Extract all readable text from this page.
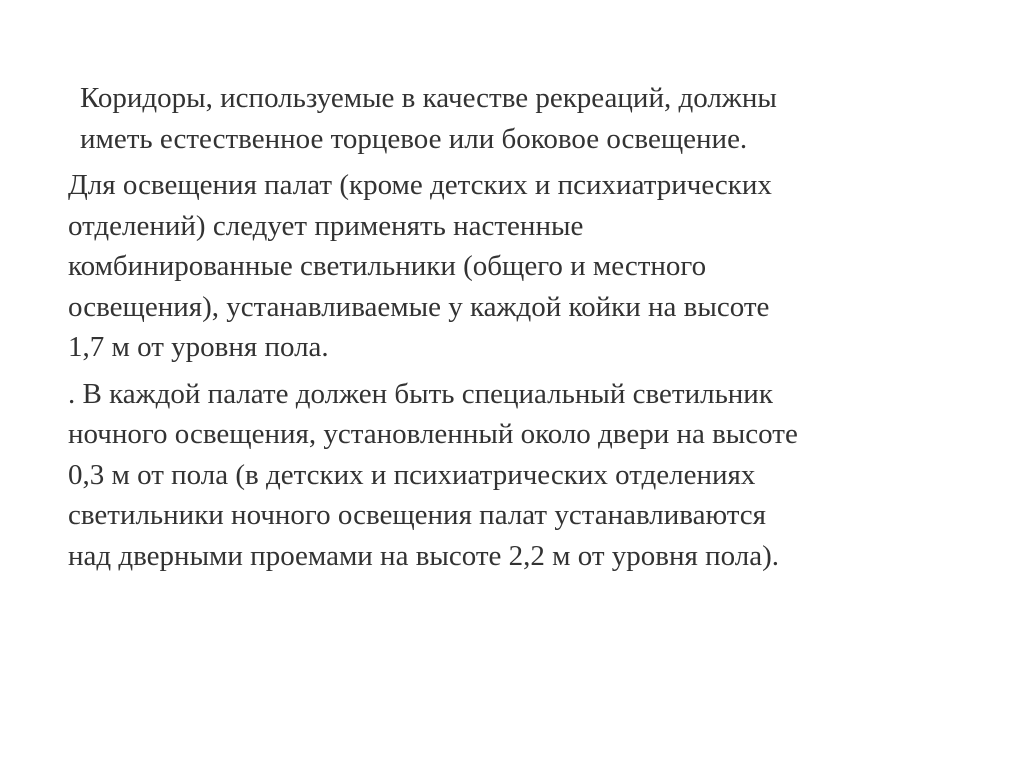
Коридоры, используемые в качестве рекреаций, должны
иметь естественное торцевое или боковое освещение.

Для освещения палат (кроме детских и психиатрических
отделений) следует применять настенные
комбинированные светильники (общего и местного
освещения), устанавливаемые у каждой койки на высоте
1,7 м от уровня пола.

. В каждой палате должен быть специальный светильник
ночного освещения, установленный около двери на высоте
0,3 м от пола (в детских и психиатрических отделениях
светильники ночного освещения палат устанавливаются
над дверными проемами на высоте 2,2 м от уровня пола).
